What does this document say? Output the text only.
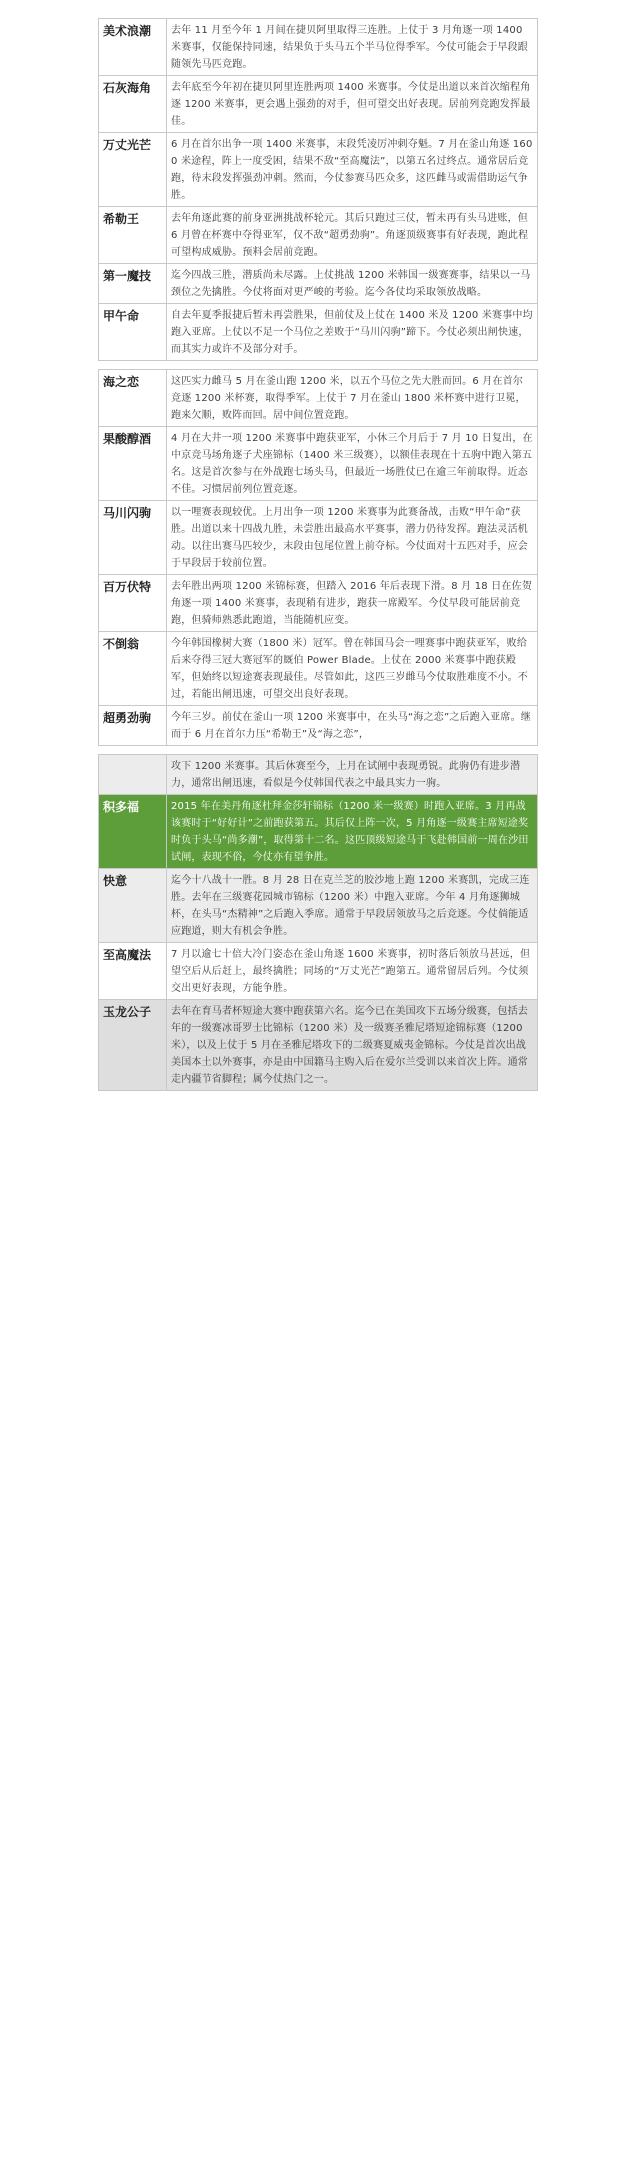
美术浪潮	去年 11 月至今年 1 月间在捷贝阿里取得三连胜。上仗于 3 月角逐一项 1400 米赛事，仅能保持同速，结果负于头马五个半马位得季军。今仗可能会于早段跟随领先马匹竞跑。
石灰海角	去年底至今年初在捷贝阿里连胜两项 1400 米赛事。今仗是出道以来首次缩程角逐 1200 米赛事，更会遇上强劲的对手，但可望交出好表现。居前列竞跑发挥最佳。
万丈光芒	6 月在首尔出争一项 1400 米赛事，末段凭凌厉冲刺夺魁。7 月在釜山角逐 1600 米途程，阵上一度受困，结果不敌“至高魔法”，以第五名过终点。通常居后竞跑，待末段发挥强劲冲刺。然而，今仗参赛马匹众多，这匹雌马或需借助运气争胜。
希勒王	去年角逐此赛的前身亚洲挑战杯轮元。其后只跑过三仗，暂未再有头马进账，但 6 月曾在杯赛中夺得亚军，仅不敌“超勇劲驹”。角逐顶级赛事有好表现，跑此程可望构成威胁。预料会居前竞跑。
第一魔技	迄今四战三胜，潜质尚未尽露。上仗挑战 1200 米韩国一级赛赛事，结果以一马颈位之先擒胜。今仗将面对更严峻的考验。迄今各仗均采取领放战略。
甲午命	自去年夏季报捷后暂未再尝胜果，但前仗及上仗在 1400 米及 1200 米赛事中均跑入亚席。上仗以不足一个马位之差败于“马川闪驹”蹄下。今仗必须出闸快速，而其实力或许不及部分对手。
海之恋	这匹实力雌马 5 月在釜山跑 1200 米，以五个马位之先大胜而回。6 月在首尔竞逐 1200 米杯赛，取得季军。上仗于 7 月在釜山 1800 米杯赛中进行卫冕，跑来欠顺，败阵而回。居中间位置竞跑。
果酸醇酒	4 月在大井一项 1200 米赛事中跑获亚军，小休三个月后于 7 月 10 日复出，在中京竞马场角逐子犬座锦标（1400 米三级赛），以额佳表现在十五驹中跑入第五名。这是首次参与在外战跑七场头马，但最近一场胜仗已在逾三年前取得。近态不佳。习惯居前列位置竞逐。
马川闪驹	以一哩赛表现较优。上月出争一项 1200 米赛事为此赛备战，击败“甲午命”获胜。出道以来十四战九胜，未尝胜出最高水平赛事，潜力仍待发挥。跑法灵活机动。以往出赛马匹较少，末段由包尾位置上前夺标。今仗面对十五匹对手，应会于早段居于较前位置。
百万伏特	去年胜出两项 1200 米锦标赛，但踏入 2016 年后表现下滑。8 月 18 日在佐贺角逐一项 1400 米赛事，表现稍有进步，跑获一席殿军。今仗早段可能居前竞跑，但骑师熟悉此跑道，当能随机应变。
不倒翁	今年韩国橡树大赛（1800 米）冠军。曾在韩国马会一哩赛事中跑获亚军，败给后来夺得三冠大赛冠军的厩伯 Power Blade。上仗在 2000 米赛事中跑获殿军，但始终以短途赛表现最佳。尽管如此，这匹三岁雌马今仗取胜难度不小。不过，若能出闸迅速，可望交出良好表现。
超勇劲驹	今年三岁。前仗在釜山一项 1200 米赛事中，在头马“海之恋”之后跑入亚席。继而于 6 月在首尔力压“希勒王”及“海之恋”，
攻下 1200 米赛事。其后休赛至今，上月在试闸中表现勇锐。此驹仍有进步潜力，通常出闸迅速，看似是今仗韩国代表之中最具实力一驹。
积多福	2015 年在美丹角逐杜拜金莎轩锦标（1200 米一级赛）时跑入亚席。3 月再战该赛时于“好好计”之前跑获第五。其后仅上阵一次，5 月角逐一级赛主席短途奖时负于头马“尚多潮”，取得第十二名。这匹顶级短途马于飞赴韩国前一周在沙田试闸，表现不俗，今仗亦有望争胜。
快意	迄今十八战十一胜。8 月 28 日在克兰芝的胶沙地上跑 1200 米赛凯，完成三连胜。去年在三级赛花园城市锦标（1200 米）中跑入亚席。今年 4 月角逐狮城杯，在头马“杰精神”之后跑入季席。通常于早段居领放马之后竞逐。今仗倘能适应跑道，则大有机会争胜。
至高魔法	7 月以逾七十倍大冷门姿态在釜山角逐 1600 米赛事，初时落后领放马甚远，但望空后从后赶上，最终擒胜；同场的“万丈光芒”跑第五。通常留居后列。今仗须交出更好表现，方能争胜。
玉龙公子	去年在育马者杯短途大赛中跑获第六名。迄今已在美国攻下五场分级赛，包括去年的一级赛冰哥罗士比锦标（1200 米）及一级赛圣雅尼塔短途锦标赛（1200 米），以及上仗于 5 月在圣雅尼塔攻下的二级赛夏威夷金锦标。今仗是首次出战美国本土以外赛事，亦是由中国籍马主购入后在爱尔兰受训以来首次上阵。通常走内疆节省脚程；属今仗热门之一。
